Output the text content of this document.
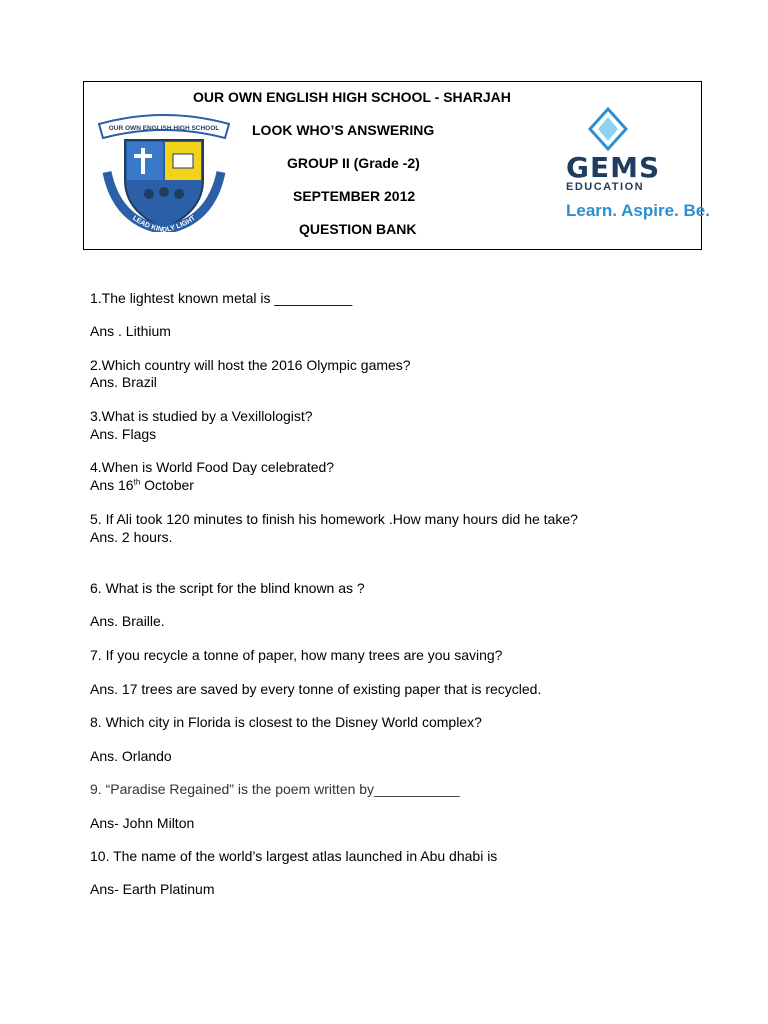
OUR OWN ENGLISH HIGH SCHOOL - SHARJAH
LOOK WHO’S ANSWERING
GROUP II (Grade -2)
SEPTEMBER 2012
QUESTION BANK
OUR OWN ENGLISH HIGH SCHOOL
LEAD KINDLY LIGHT
GEMS
EDUCATION
Learn. Aspire. Be.
1.The lightest known metal is __________
Ans . Lithium
2.Which country will host the 2016 Olympic games?
Ans. Brazil
3.What is studied by a Vexillologist?
Ans. Flags
4.When is World Food Day celebrated?
Ans 16th October
5. If Ali took 120 minutes to finish his homework .How many hours did he take?
Ans. 2 hours.
6. What is the script for the blind known as ?
Ans. Braille.
7. If you recycle a tonne of paper, how many trees are you saving?
Ans. 17 trees are saved by every tonne of existing paper that is recycled.
8. Which city in Florida is closest to the Disney World complex?
Ans. Orlando
9. “Paradise Regained” is the poem written by___________
Ans- John Milton
10. The name of the world’s largest atlas launched in Abu dhabi is
Ans- Earth Platinum
